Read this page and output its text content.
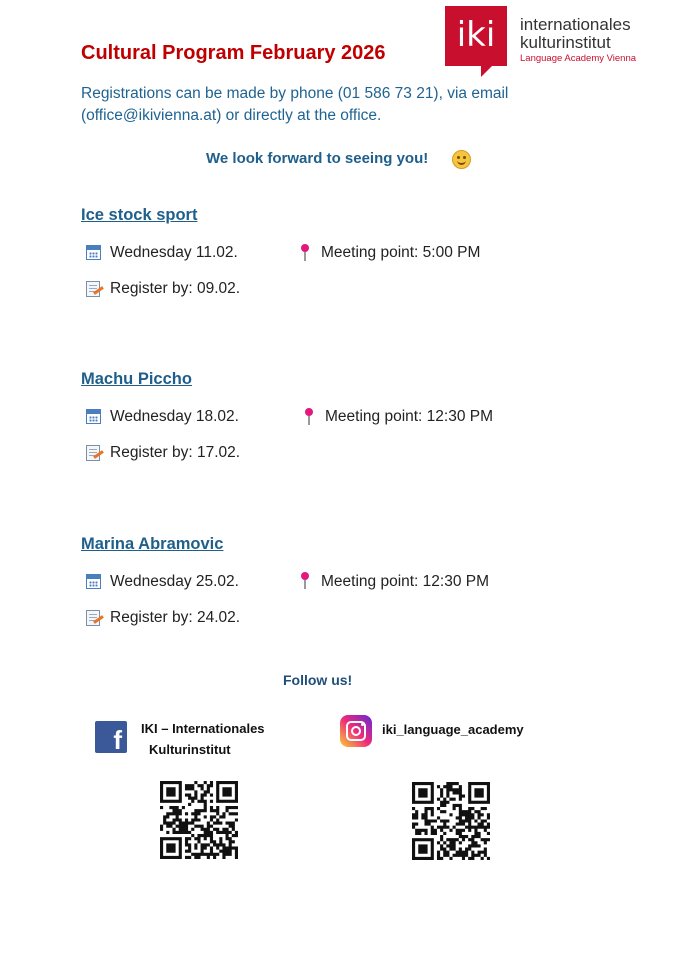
Cultural Program February 2026	iki	internationales
kulturinstitut
Language Academy Vienna
Registrations can be made by phone (01 586 73 21), via email
(office@ikivienna.at) or directly at the office.
We look forward to seeing you!
Ice stock sport
Wednesday 11.02.	Meeting point: 5:00 PM
Register by: 09.02.
Machu Piccho
Wednesday 18.02.	Meeting point: 12:30 PM
Register by: 17.02.
Marina Abramovic
Wednesday 25.02.	Meeting point: 12:30 PM
Register by: 24.02.
Follow us!
f	IKI – Internationales
Kulturinstitut
iki_language_academy
